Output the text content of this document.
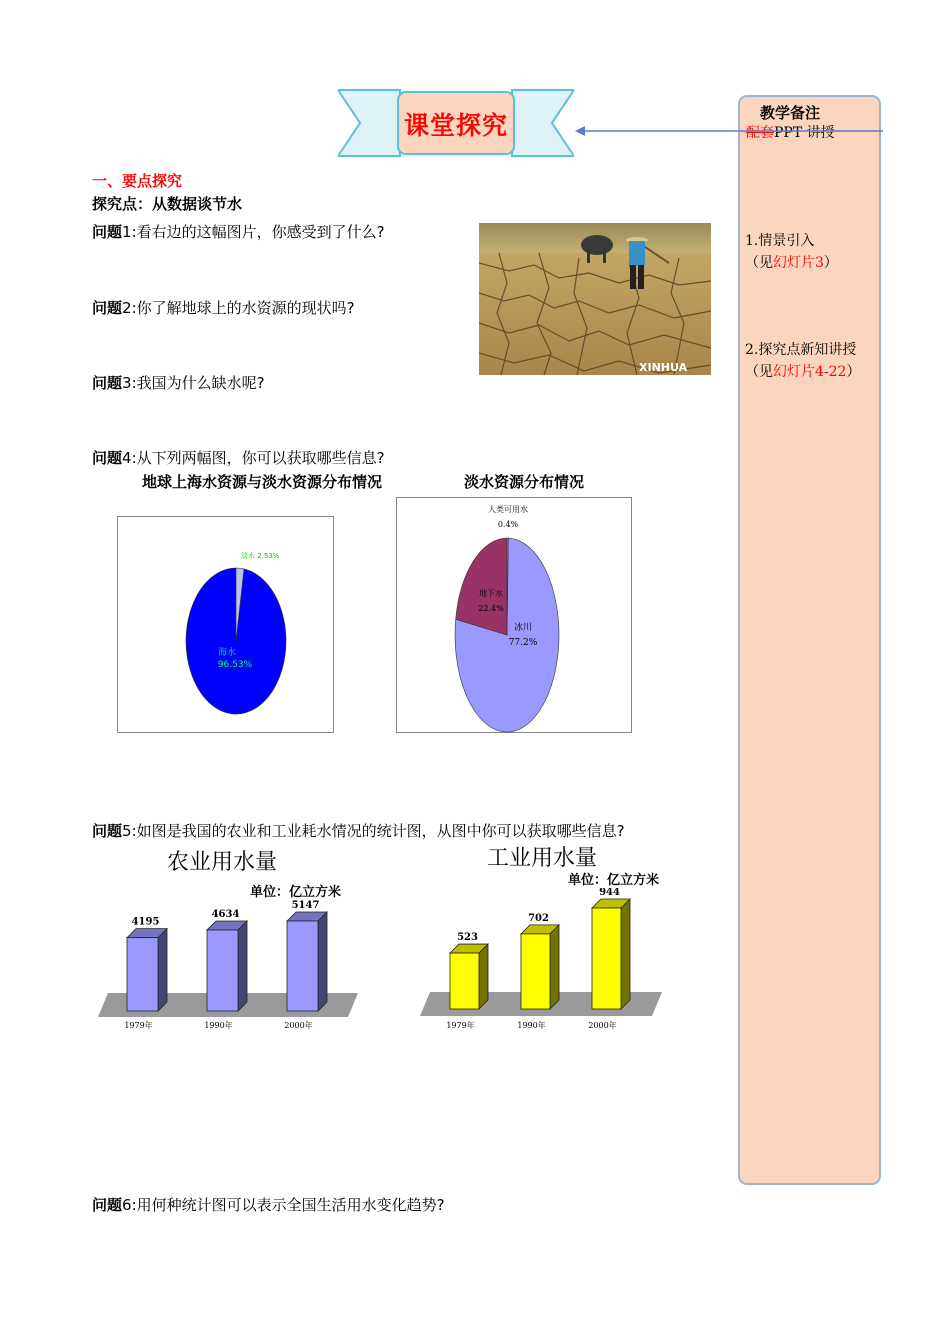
课堂探究	教学备注
配套PPT 讲授
1.情景引入
（见幻灯片3）
2.探究点新知讲授
（见幻灯片4-22）
一、要点探究
探究点：从数据谈节水
问题1:看右边的这幅图片，你感受到了什么?
问题2:你了解地球上的水资源的现状吗?
问题3:我国为什么缺水呢?
问题4:从下列两幅图，你可以获取哪些信息?
问题5:如图是我国的农业和工业耗水情况的统计图，从图中你可以获取哪些信息?
问题6:用何种统计图可以表示全国生活用水变化趋势?
XINHUA
地球上海水资源与淡水资源分布情况
淡水 2.53%
海水
96.53%
淡水资源分布情况
人类可用水
0.4%
地下水
22.4%
冰川
77.2%
农业用水量
单位：亿立方米
4195
1979年
4634
1990年
5147
2000年
工业用水量
单位：亿立方米
523
1979年
702
1990年
944
2000年
